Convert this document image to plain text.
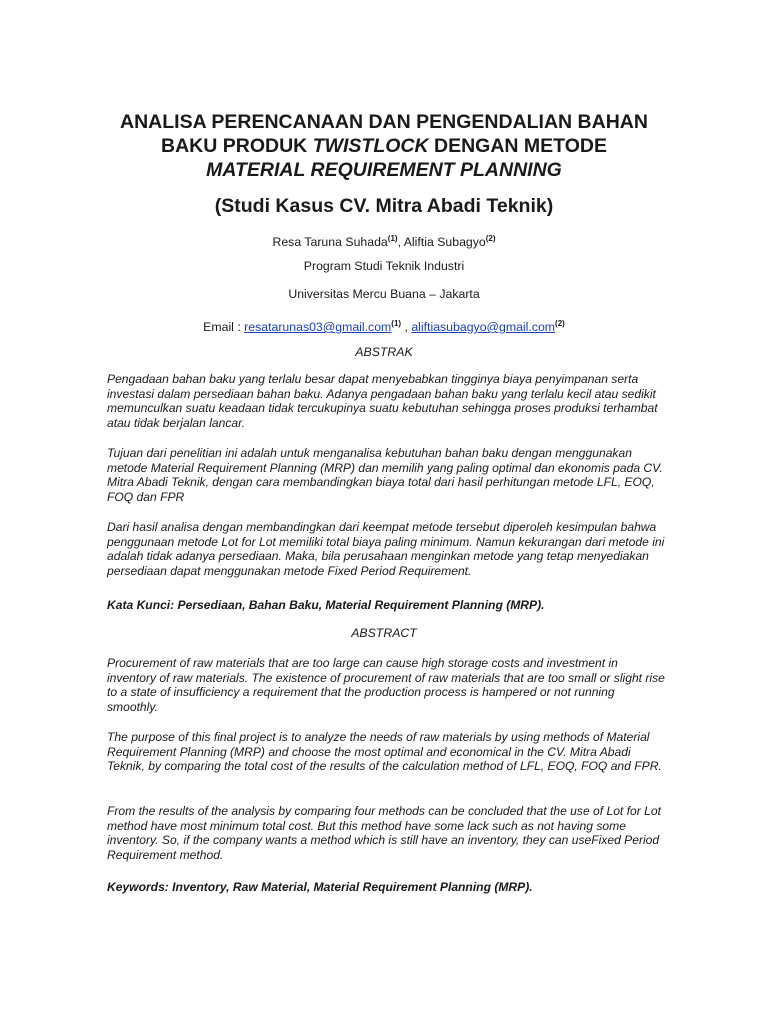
ANALISA PERENCANAAN DAN PENGENDALIAN BAHAN
BAKU PRODUK TWISTLOCK DENGAN METODE
MATERIAL REQUIREMENT PLANNING
(Studi Kasus CV. Mitra Abadi Teknik)
Resa Taruna Suhada$^{(1)}$, Aliftia Subagyo$^{(2)}$
Program Studi Teknik Industri
Universitas Mercu Buana – Jakarta
Email : resatarunas03@gmail.com$^{(1)}$ , aliftiasubagyo@gmail.com$^{(2)}$
ABSTRAK

Pengadaan bahan baku yang terlalu besar dapat menyebabkan tingginya biaya penyimpanan serta investasi dalam persediaan bahan baku. Adanya pengadaan bahan baku yang terlalu kecil atau sedikit memunculkan suatu keadaan tidak tercukupinya suatu kebutuhan sehingga proses produksi terhambat atau tidak berjalan lancar.

Tujuan dari penelitian ini adalah untuk menganalisa kebutuhan bahan baku dengan menggunakan metode Material Requirement Planning (MRP) dan memilih yang paling optimal dan ekonomis pada CV. Mitra Abadi Teknik, dengan cara membandingkan biaya total dari hasil perhitungan metode LFL, EOQ, FOQ dan FPR

Dari hasil analisa dengan membandingkan dari keempat metode tersebut diperoleh kesimpulan bahwa penggunaan metode Lot for Lot memiliki total biaya paling minimum. Namun kekurangan dari metode ini adalah tidak adanya persediaan. Maka, bila perusahaan menginkan metode yang tetap menyediakan persediaan dapat menggunakan metode Fixed Period Requirement.

Kata Kunci: Persediaan, Bahan Baku, Material Requirement Planning (MRP).

ABSTRACT

Procurement of raw materials that are too large can cause high storage costs and investment in inventory of raw materials. The existence of procurement of raw materials that are too small or slight rise to a state of insufficiency a requirement that the production process is hampered or not running smoothly.

The purpose of this final project is to analyze the needs of raw materials by using methods of Material Requirement Planning (MRP) and choose the most optimal and economical in the CV. Mitra Abadi Teknik, by comparing the total cost of the results of the calculation method of LFL, EOQ, FOQ and FPR.

From the results of the analysis by comparing four methods can be concluded that the use of Lot for Lot method have most minimum total cost. But this method have some lack such as not having some inventory. So, if the company wants a method which is still have an inventory, they can useFixed Period Requirement method.

Keywords: Inventory, Raw Material, Material Requirement Planning (MRP).
